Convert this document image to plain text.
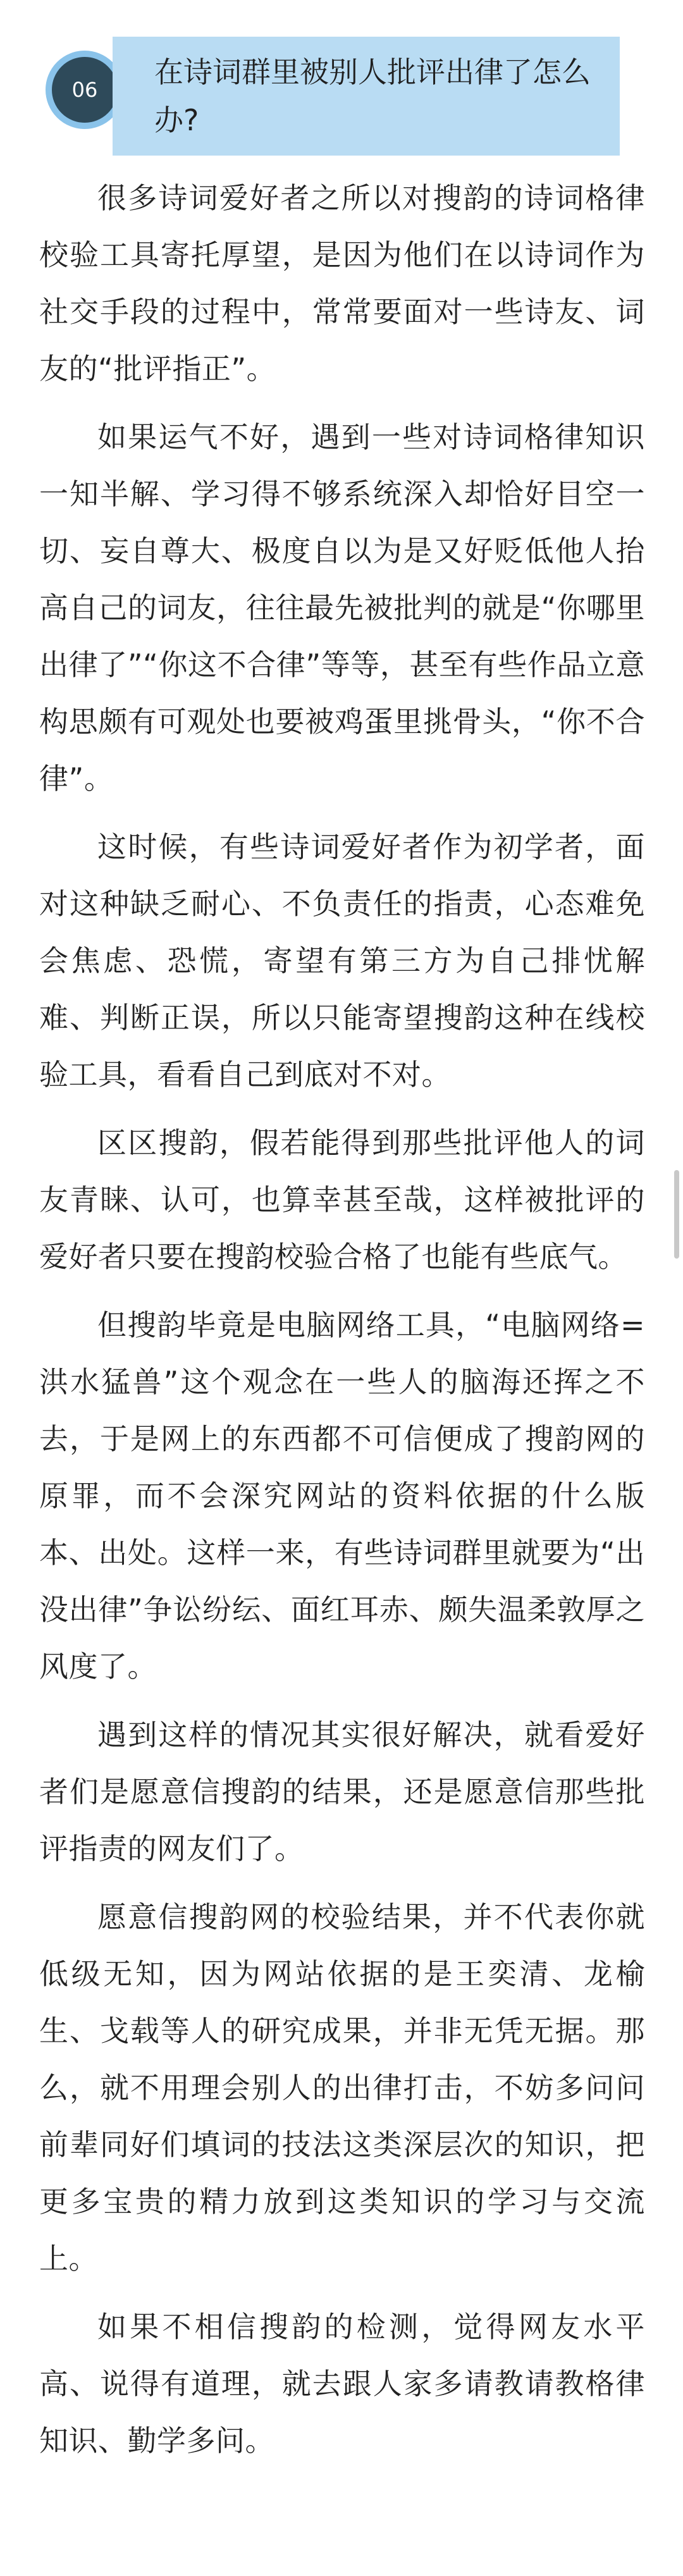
06
在诗词群里被别人批评出律了怎么办?

很多诗词爱好者之所以对搜韵的诗词格律校验工具寄托厚望，是因为他们在以诗词作为社交手段的过程中，常常要面对一些诗友、词友的“批评指正”。

如果运气不好，遇到一些对诗词格律知识一知半解、学习得不够系统深入却恰好目空一切、妄自尊大、极度自以为是又好贬低他人抬高自己的词友，往往最先被批判的就是“你哪里出律了”“你这不合律”等等，甚至有些作品立意构思颇有可观处也要被鸡蛋里挑骨头，“你不合律”。

这时候，有些诗词爱好者作为初学者，面对这种缺乏耐心、不负责任的指责，心态难免会焦虑、恐慌，寄望有第三方为自己排忧解难、判断正误，所以只能寄望搜韵这种在线校验工具，看看自己到底对不对。

区区搜韵，假若能得到那些批评他人的词友青睐、认可，也算幸甚至哉，这样被批评的爱好者只要在搜韵校验合格了也能有些底气。

但搜韵毕竟是电脑网络工具，“电脑网络=洪水猛兽”这个观念在一些人的脑海还挥之不去，于是网上的东西都不可信便成了搜韵网的原罪，而不会深究网站的资料依据的什么版本、出处。这样一来，有些诗词群里就要为“出没出律”争讼纷纭、面红耳赤、颇失温柔敦厚之风度了。

遇到这样的情况其实很好解决，就看爱好者们是愿意信搜韵的结果，还是愿意信那些批评指责的网友们了。

愿意信搜韵网的校验结果，并不代表你就低级无知，因为网站依据的是王奕清、龙榆生、戈载等人的研究成果，并非无凭无据。那么，就不用理会别人的出律打击，不妨多问问前辈同好们填词的技法这类深层次的知识，把更多宝贵的精力放到这类知识的学习与交流上。

如果不相信搜韵的检测，觉得网友水平高、说得有道理，就去跟人家多请教请教格律知识、勤学多问。
